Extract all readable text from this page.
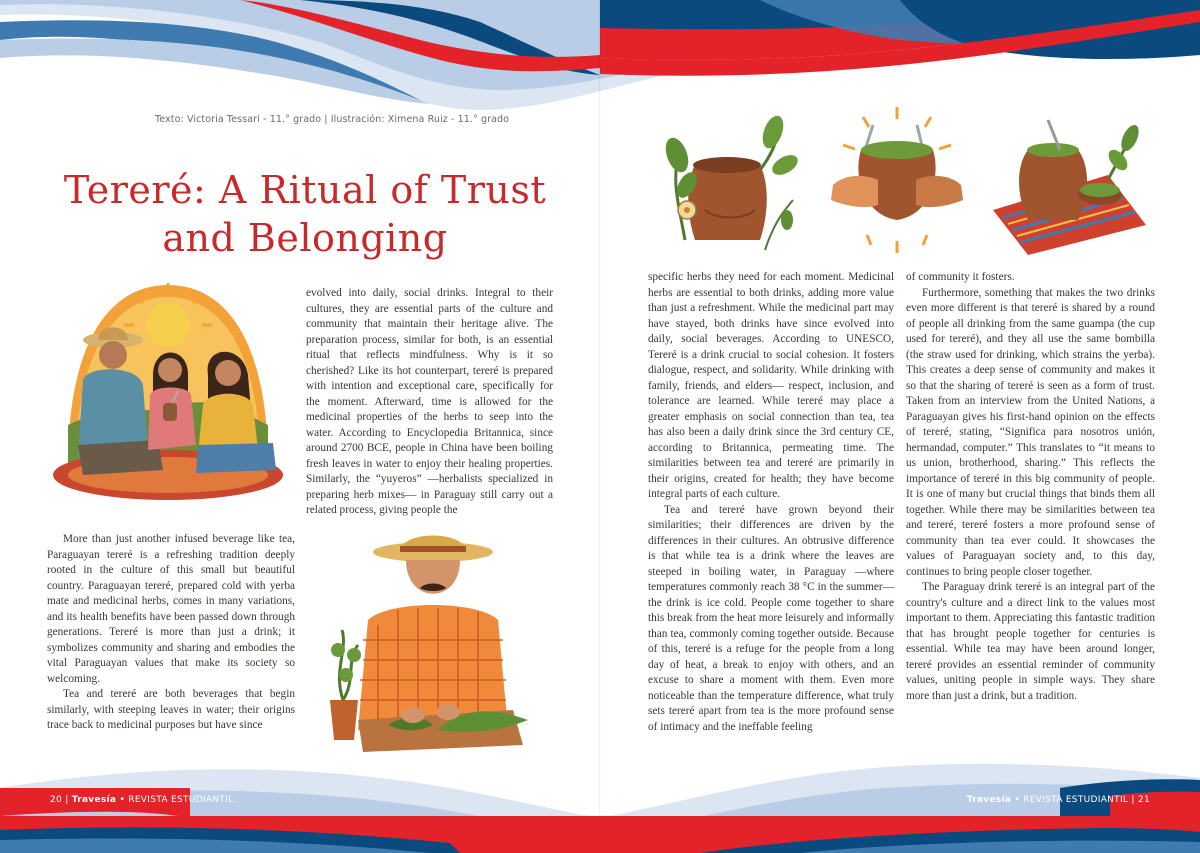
Texto: Victoria Tessari - 11.° grado | Ilustración: Ximena Ruiz - 11.° grado
Tereré: A Ritual of Trust
and Belonging

More than just another infused beverage like tea, Paraguayan tereré is a refreshing tradition deeply rooted in the culture of this small but beautiful country. Paraguayan tereré, prepared cold with yerba mate and medicinal herbs, comes in many variations, and its health benefits have been passed down through generations. Tereré is more than just a drink; it symbolizes community and sharing and embodies the vital Paraguayan values that make its society so welcoming.

Tea and tereré are both beverages that begin similarly, with steeping leaves in water; their origins trace back to medicinal purposes but have since

evolved into daily, social drinks. Integral to their cultures, they are essential parts of the culture and community that maintain their heritage alive. The preparation process, similar for both, is an essential ritual that reflects mindfulness. Why is it so cherished? Like its hot counterpart, tereré is prepared with intention and exceptional care, specifically for the moment. Afterward, time is allowed for the medicinal properties of the herbs to seep into the water. According to Encyclopedia Britannica, since around 2700 BCE, people in China have been boiling fresh leaves in water to enjoy their healing properties. Similarly, the “yuyeros” —herbalists specialized in preparing herb mixes— in Paraguay still carry out a related process, giving people the

specific herbs they need for each moment. Medicinal herbs are essential to both drinks, adding more value than just a refreshment. While the medicinal part may have stayed, both drinks have since evolved into daily, social beverages. According to UNESCO, Tereré is a drink crucial to social cohesion. It fosters dialogue, respect, and solidarity. While drinking with family, friends, and elders— respect, inclusion, and tolerance are learned. While tereré may place a greater emphasis on social connection than tea, tea has also been a daily drink since the 3rd century CE, according to Britannica, permeating time. The similarities between tea and tereré are primarily in their origins, created for health; they have become integral parts of each culture.

Tea and tereré have grown beyond their similarities; their differences are driven by the differences in their cultures. An obtrusive difference is that while tea is a drink where the leaves are steeped in boiling water, in Paraguay —where temperatures commonly reach 38 °C in the summer— the drink is ice cold. People come together to share this break from the heat more leisurely and informally than tea, commonly coming together outside. Because of this, tereré is a refuge for the people from a long day of heat, a break to enjoy with others, and an excuse to share a moment with them. Even more noticeable than the temperature difference, what truly sets tereré apart from tea is the more profound sense of intimacy and the ineffable feeling

of community it fosters.

Furthermore, something that makes the two drinks even more different is that tereré is shared by a round of people all drinking from the same guampa (the cup used for tereré), and they all use the same bombilla (the straw used for drinking, which strains the yerba). This creates a deep sense of community and makes it so that the sharing of tereré is seen as a form of trust. Taken from an interview from the United Nations, a Paraguayan gives his first-hand opinion on the effects of tereré, stating, “Significa para nosotros unión, hermandad, computer.” This translates to “it means to us union, brotherhood, sharing.” This reflects the importance of tereré in this big community of people. It is one of many but crucial things that binds them all together. While there may be similarities between tea and tereré, tereré fosters a more profound sense of community than tea ever could. It showcases the values of Paraguayan society and, to this day, continues to bring people closer together.

The Paraguay drink tereré is an integral part of the country's culture and a direct link to the values most important to them. Appreciating this fantastic tradition that has brought people together for centuries is essential. While tea may have been around longer, tereré provides an essential reminder of community values, uniting people in simple ways. They share more than just a drink, but a tradition.

20 | Travesía • REVISTA ESTUDIANTIL	Travesía • REVISTA ESTUDIANTIL | 21
